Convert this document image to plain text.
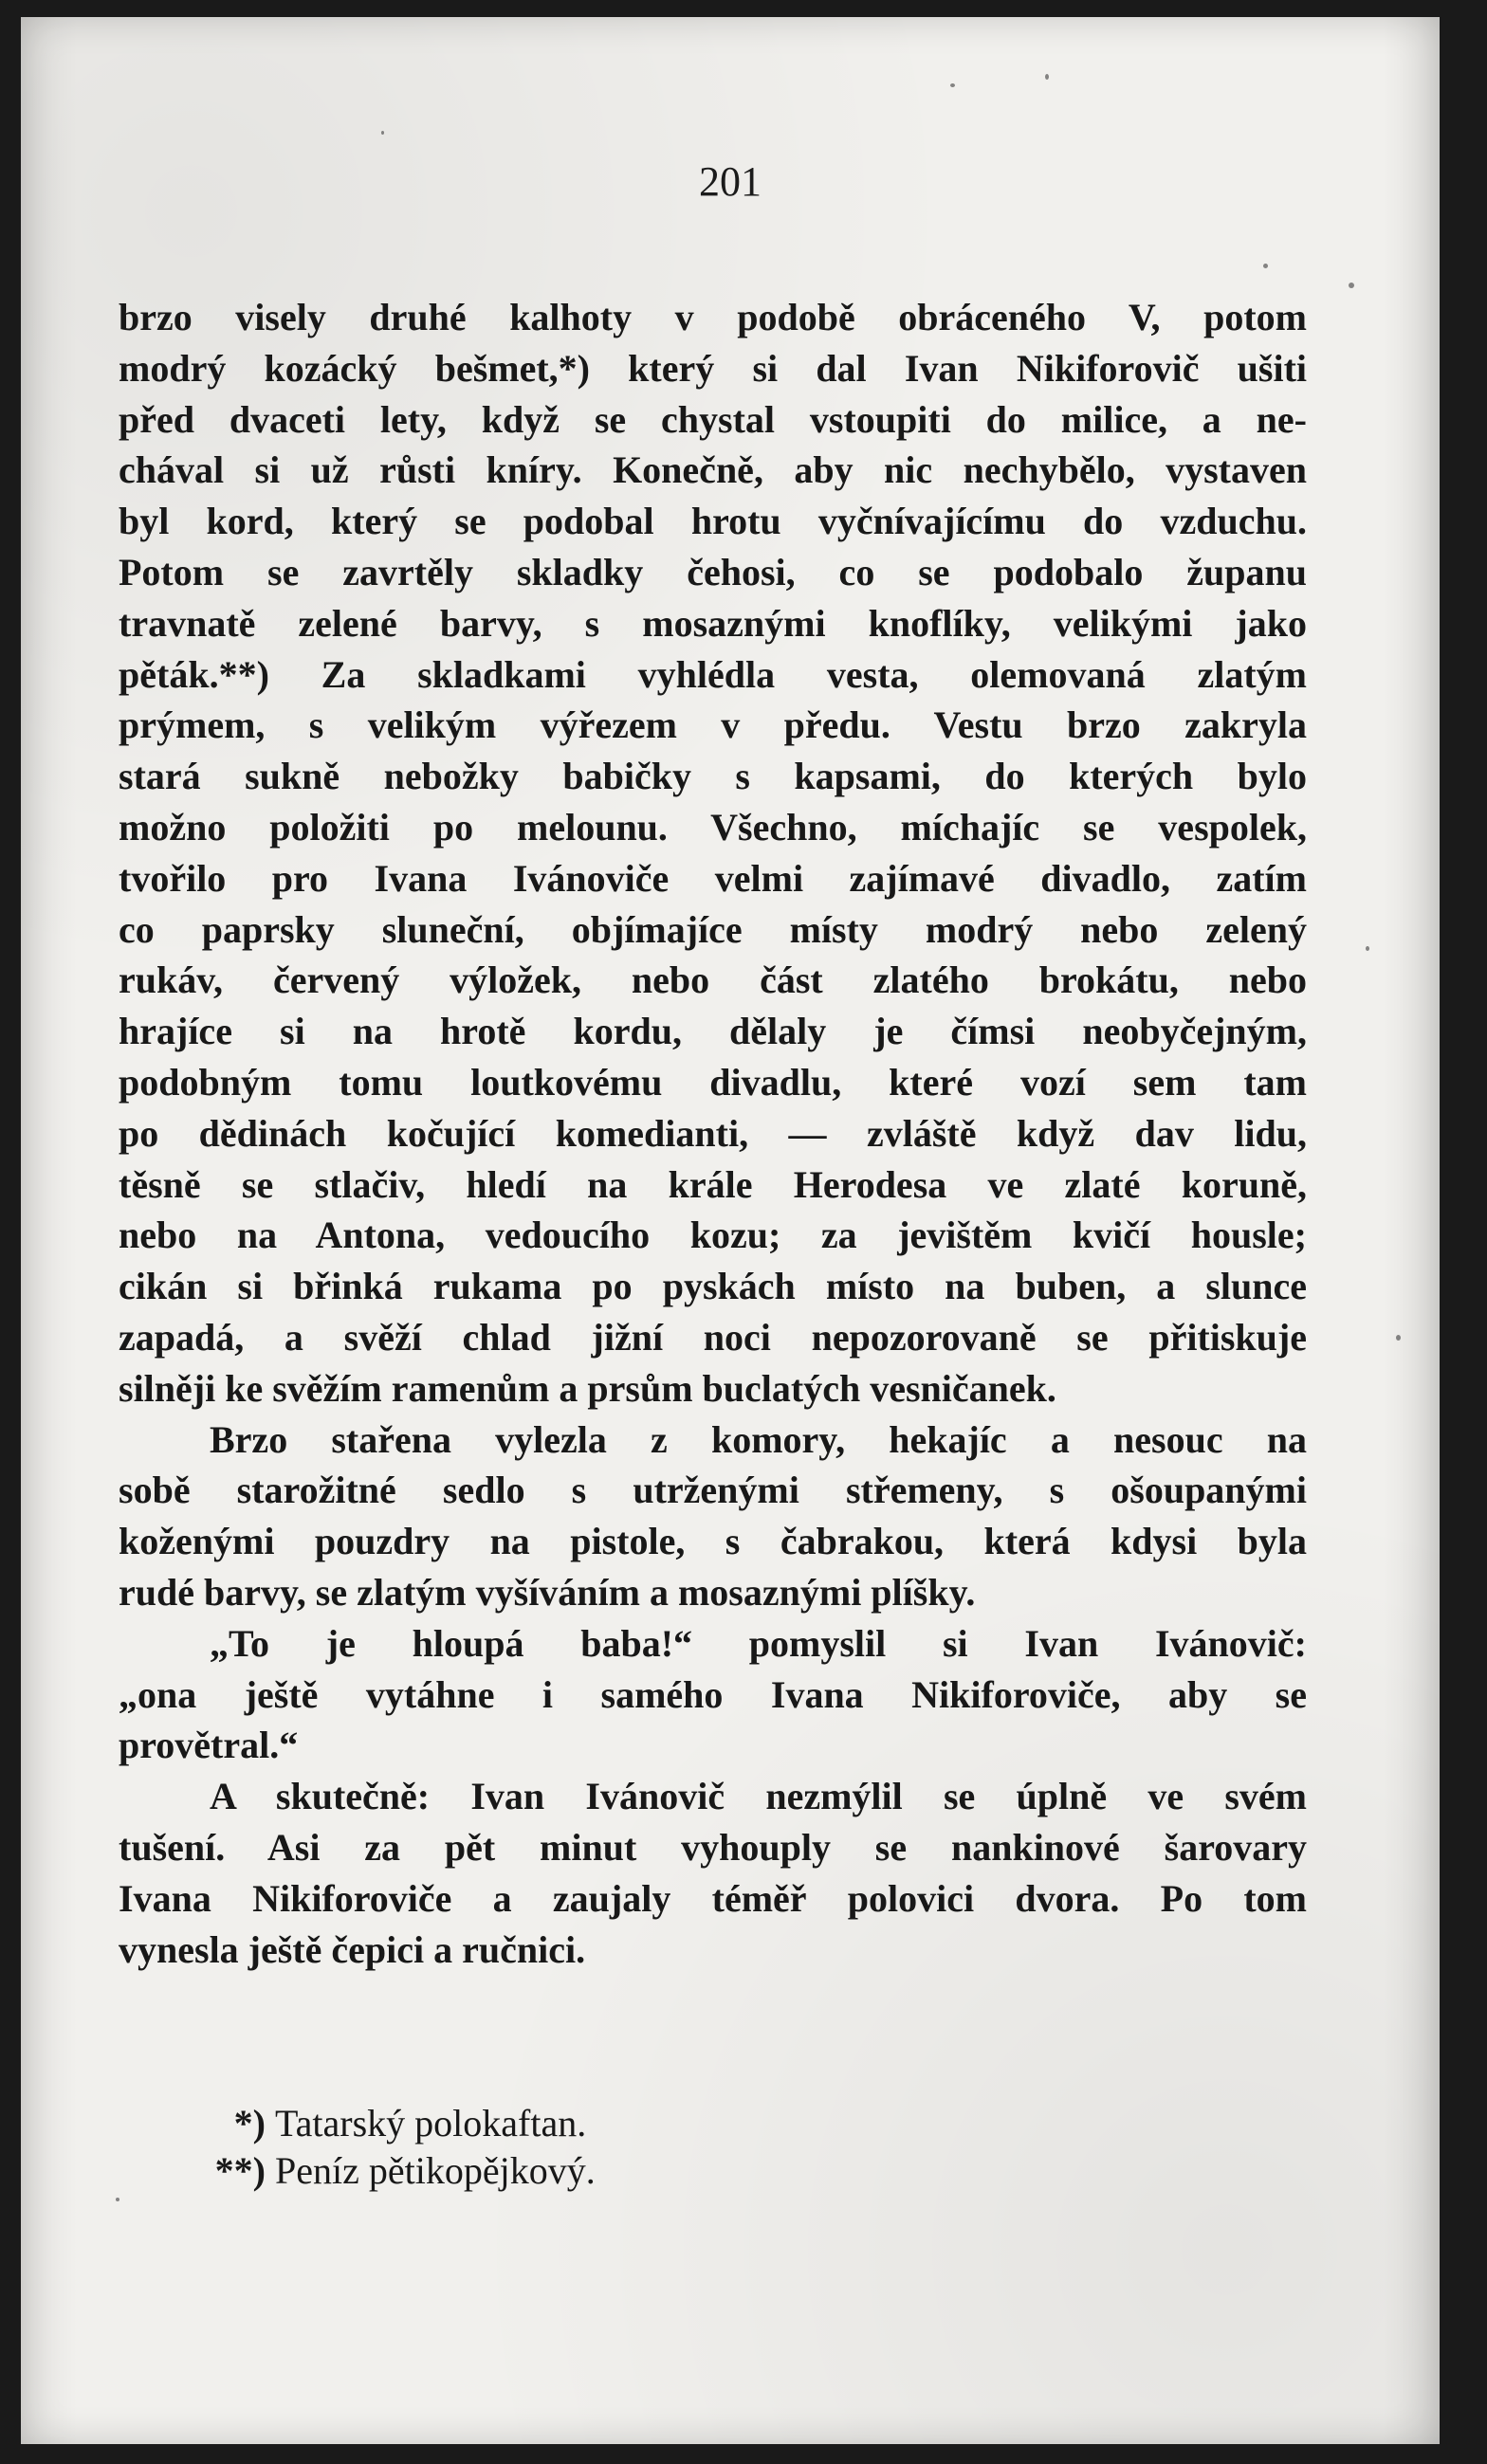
201
brzo visely druhé kalhoty v podobě obráceného V, potom
modrý kozácký bešmet,*) který si dal Ivan Nikiforovič ušiti
před dvaceti lety, když se chystal vstoupiti do milice, a ne-
chával si už růsti kníry. Konečně, aby nic nechybělo, vystaven
byl kord, který se podobal hrotu vyčnívajícímu do vzduchu.
Potom se zavrtěly skladky čehosi, co se podobalo županu
travnatě zelené barvy, s mosaznými knoflíky, velikými jako
pěták.**) Za skladkami vyhlédla vesta, olemovaná zlatým
prýmem, s velikým výřezem v předu. Vestu brzo zakryla
stará sukně nebožky babičky s kapsami, do kterých bylo
možno položiti po melounu. Všechno, míchajíc se vespolek,
tvořilo pro Ivana Ivánoviče velmi zajímavé divadlo, zatím
co paprsky sluneční, objímajíce místy modrý nebo zelený
rukáv, červený výložek, nebo část zlatého brokátu, nebo
hrajíce si na hrotě kordu, dělaly je čímsi neobyčejným,
podobným tomu loutkovému divadlu, které vozí sem tam
po dědinách kočující komedianti, — zvláště když dav lidu,
těsně se stlačiv, hledí na krále Herodesa ve zlaté koruně,
nebo na Antona, vedoucího kozu; za jevištěm kvičí housle;
cikán si břinká rukama po pyskách místo na buben, a slunce
zapadá, a svěží chlad jižní noci nepozorovaně se přitiskuje
silněji ke svěžím ramenům a prsům buclatých vesničanek.
Brzo stařena vylezla z komory, hekajíc a nesouc na
sobě starožitné sedlo s utrženými střemeny, s ošoupanými
koženými pouzdry na pistole, s čabrakou, která kdysi byla
rudé barvy, se zlatým vyšíváním a mosaznými plíšky.
„To je hloupá baba!“ pomyslil si Ivan Ivánovič:
„ona ještě vytáhne i samého Ivana Nikiforoviče, aby se
provětral.“
A skutečně: Ivan Ivánovič nezmýlil se úplně ve svém
tušení. Asi za pět minut vyhouply se nankinové šarovary
Ivana Nikiforoviče a zaujaly téměř polovici dvora. Po tom
vynesla ještě čepici a ručnici.
*) Tatarský polokaftan.
**) Peníz pětikopějkový.
